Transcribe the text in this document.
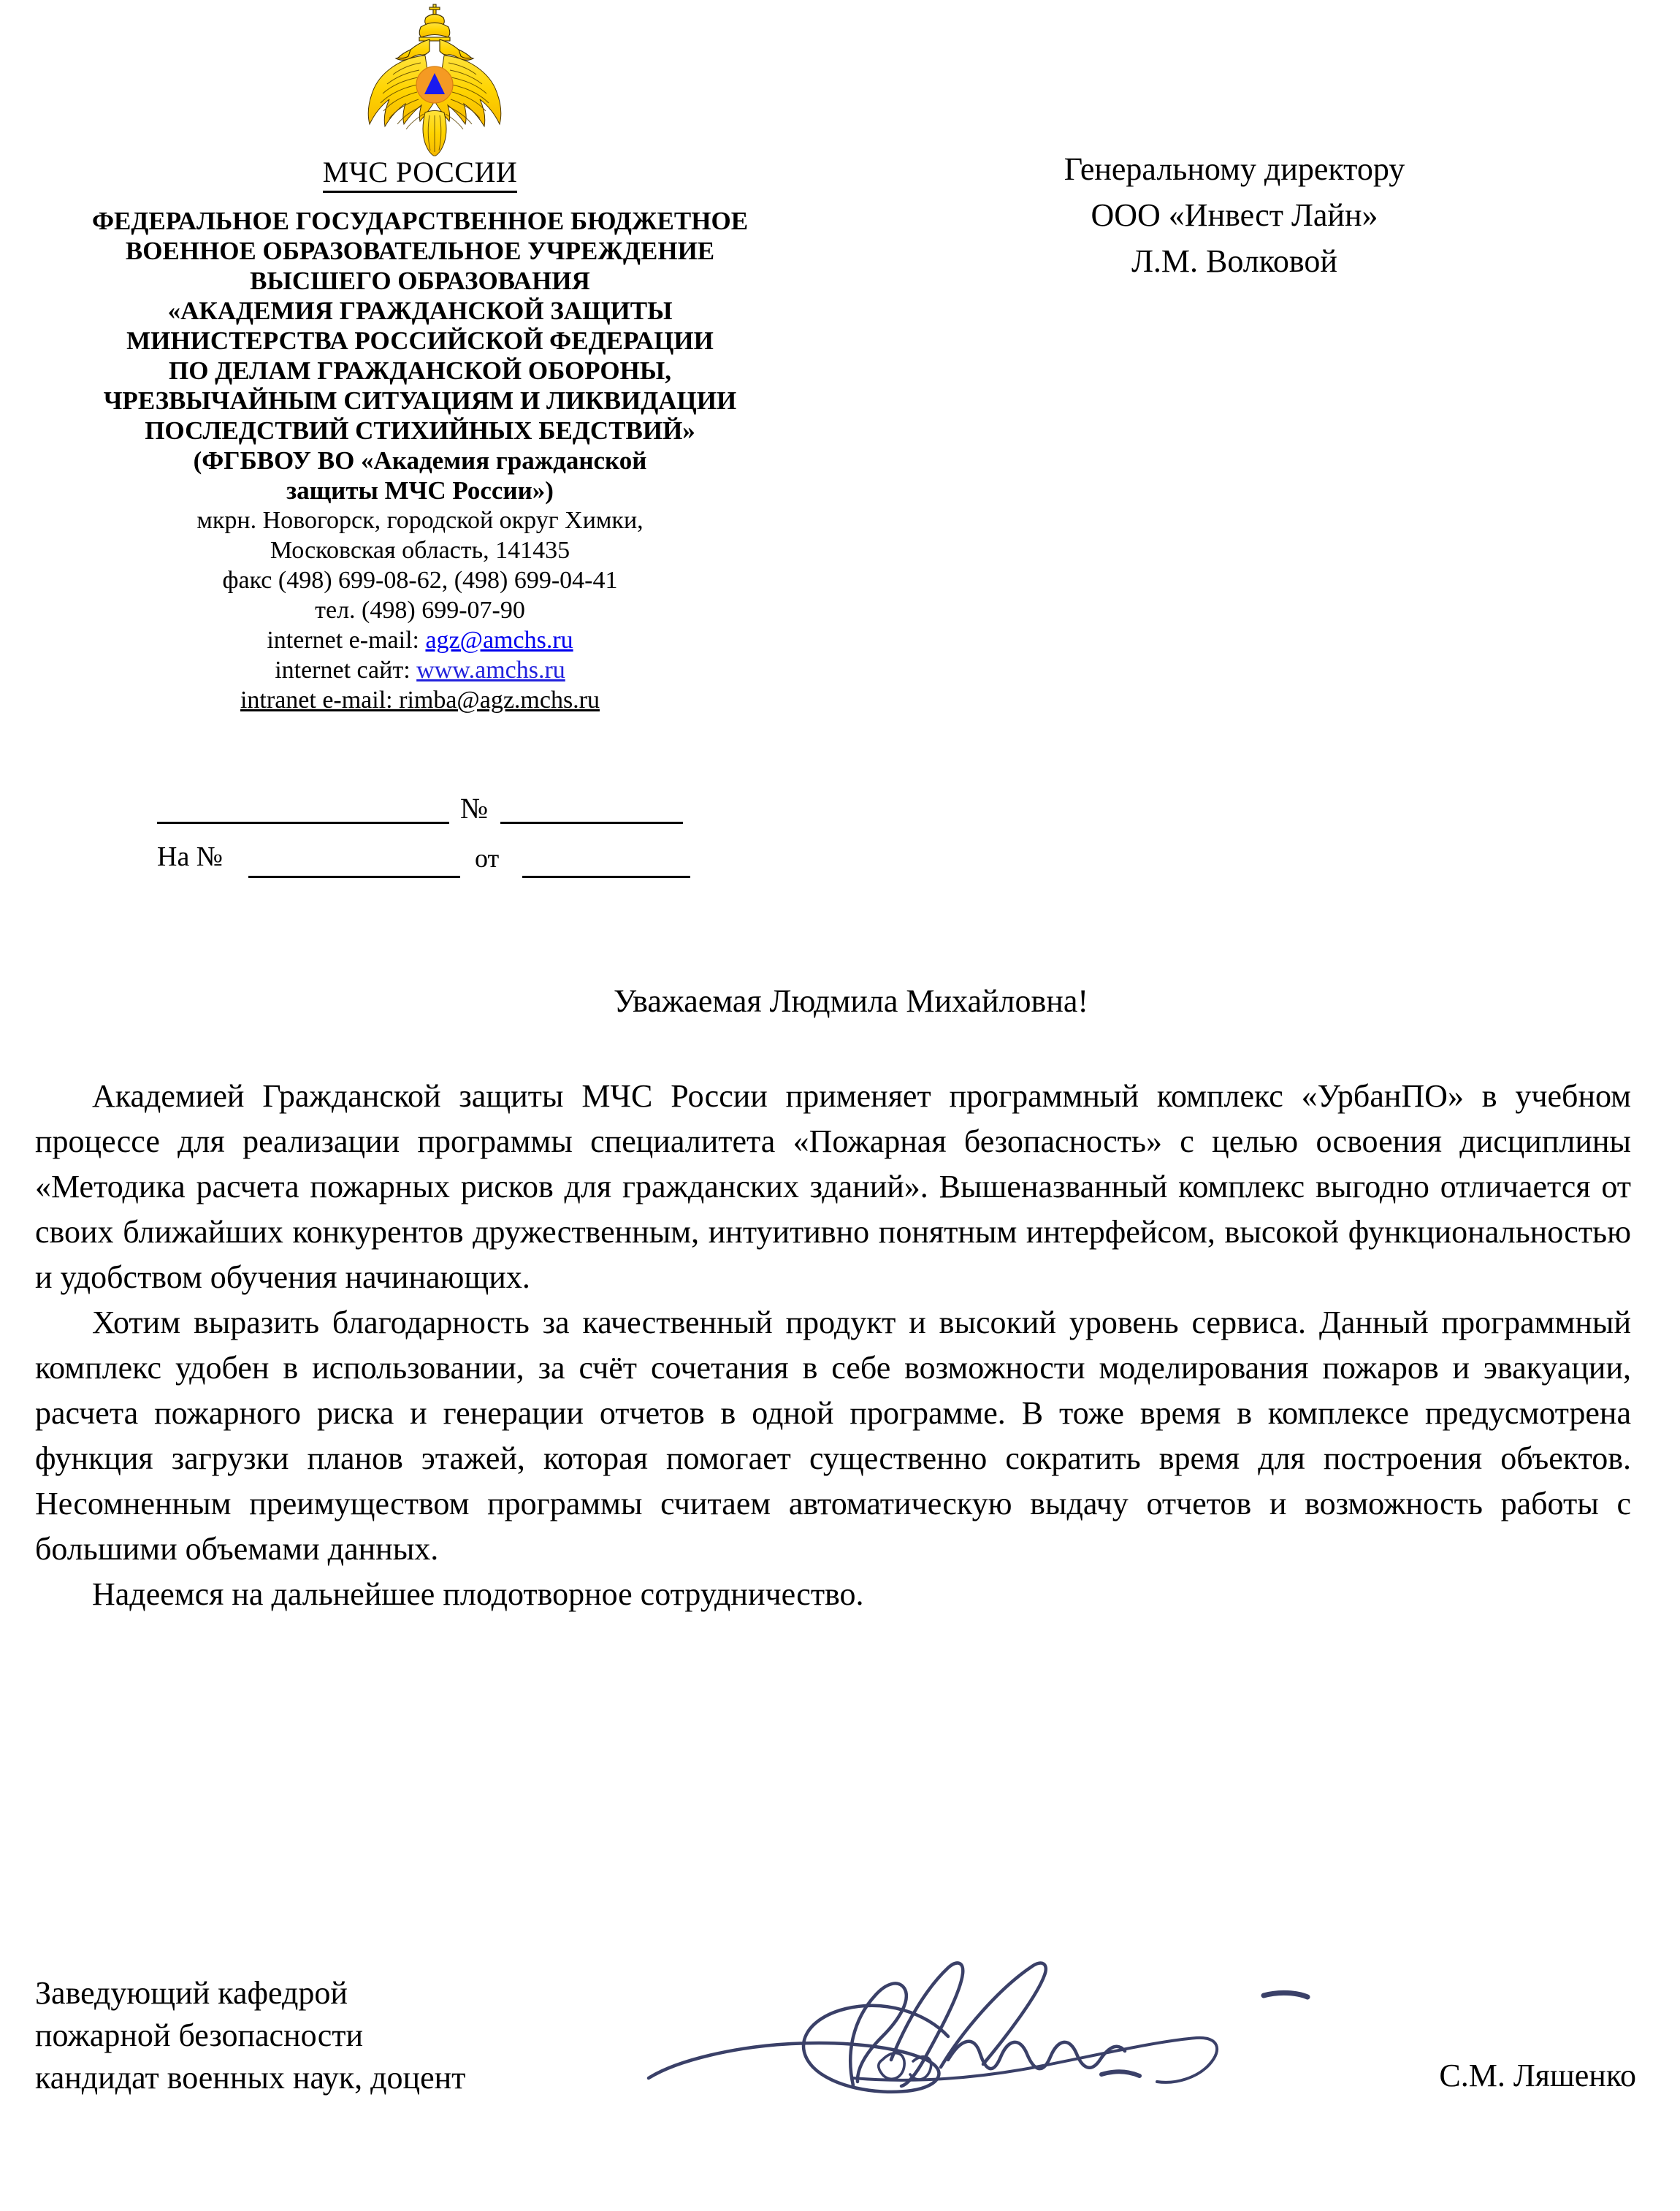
МЧС РОССИИ
ФЕДЕРАЛЬНОЕ ГОСУДАРСТВЕННОЕ БЮДЖЕТНОЕ
ВОЕННОЕ ОБРАЗОВАТЕЛЬНОЕ УЧРЕЖДЕНИЕ
ВЫСШЕГО ОБРАЗОВАНИЯ
«АКАДЕМИЯ ГРАЖДАНСКОЙ ЗАЩИТЫ
МИНИСТЕРСТВА РОССИЙСКОЙ ФЕДЕРАЦИИ
ПО ДЕЛАМ ГРАЖДАНСКОЙ ОБОРОНЫ,
ЧРЕЗВЫЧАЙНЫМ СИТУАЦИЯМ И ЛИКВИДАЦИИ
ПОСЛЕДСТВИЙ СТИХИЙНЫХ БЕДСТВИЙ»
(ФГБВОУ ВО «Академия гражданской
защиты МЧС России»)
мкрн. Новогорск, городской округ Химки,
Московская область, 141435
факс (498) 699-08-62, (498) 699-04-41
тел. (498) 699-07-90
internet e-mail: agz@amchs.ru
internet сайт: www.amchs.ru
intranet e-mail: rimba@agz.mchs.ru
№
На №	от
Генеральному директору
ООО «Инвест Лайн»
Л.М. Волковой
Уважаемая Людмила Михайловна!

Академией Гражданской защиты МЧС России применяет программный комплекс «УрбанПО» в учебном процессе для реализации программы специалитета «Пожарная безопасность» с целью освоения дисциплины «Методика расчета пожарных рисков для гражданских зданий». Вышеназванный комплекс выгодно отличается от своих ближайших конкурентов дружественным, интуитивно понятным интерфейсом, высокой функциональностью и удобством обучения начинающих.

Хотим выразить благодарность за качественный продукт и высокий уровень сервиса. Данный программный комплекс удобен в использовании, за счёт сочетания в себе возможности моделирования пожаров и эвакуации, расчета пожарного риска и генерации отчетов в одной программе. В тоже время в комплексе предусмотрена функция загрузки планов этажей, которая помогает существенно сократить время для построения объектов. Несомненным преимуществом программы считаем автоматическую выдачу отчетов и возможность работы с большими объемами данных.

Надеемся на дальнейшее плодотворное сотрудничество.

Заведующий кафедрой
пожарной безопасности
кандидат военных наук, доцент	С.М. Ляшенко
